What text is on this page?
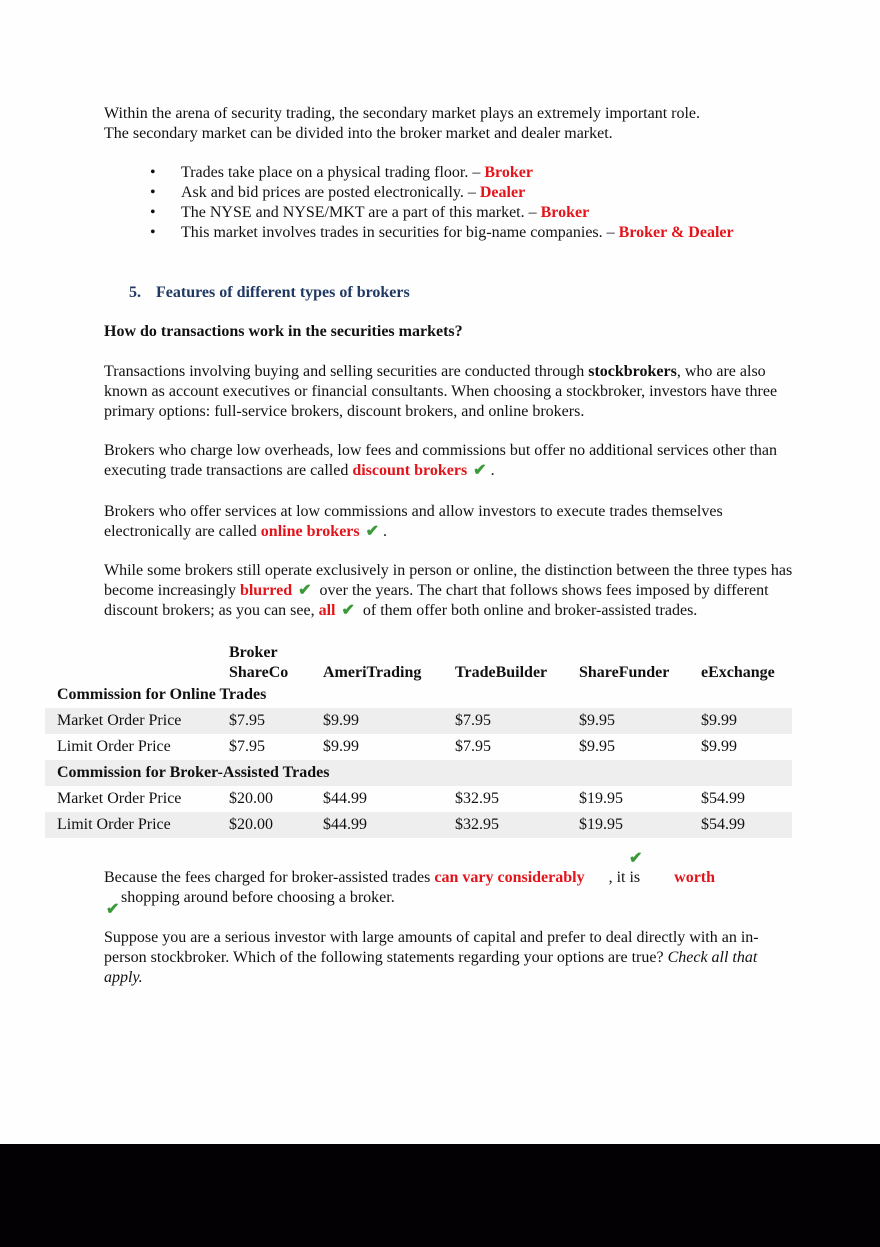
Within the arena of security trading, the secondary market plays an extremely important role.
The secondary market can be divided into the broker market and dealer market.

• Trades take place on a physical trading floor. – Broker
• Ask and bid prices are posted electronically. – Dealer
• The NYSE and NYSE/MKT are a part of this market. – Broker
• This market involves trades in securities for big-name companies. – Broker & Dealer
5. Features of different types of brokers
How do transactions work in the securities markets?

Transactions involving buying and selling securities are conducted through stockbrokers, who are also known as account executives or financial consultants. When choosing a stockbroker, investors have three primary options: full-service brokers, discount brokers, and online brokers.

Brokers who charge low overheads, low fees and commissions but offer no additional services other than executing trade transactions are called discount brokers ✔ .

Brokers who offer services at low commissions and allow investors to execute trades themselves electronically are called online brokers ✔ .

While some brokers still operate exclusively in person or online, the distinction between the three types has become increasingly blurred ✔ over the years. The chart that follows shows fees imposed by different discount brokers; as you can see, all ✔ of them offer both online and broker-assisted trades.

	Broker				
	ShareCo	AmeriTrading	TradeBuilder	ShareFunder	eExchange
Commission for Online Trades					
Market Order Price	$7.95	$9.99	$7.95	$9.95	$9.99
Limit Order Price	$7.95	$9.99	$7.95	$9.95	$9.99
Commission for Broker-Assisted Trades					
Market Order Price	$20.00	$44.99	$32.95	$19.95	$54.99
Limit Order Price	$20.00	$44.99	$32.95	$19.95	$54.99
✔
Because the fees charged for broker-assisted trades can vary considerably , it is worth
shopping around before choosing a broker.
✔

Suppose you are a serious investor with large amounts of capital and prefer to deal directly with an in-person stockbroker. Which of the following statements regarding your options are true? Check all that apply.
